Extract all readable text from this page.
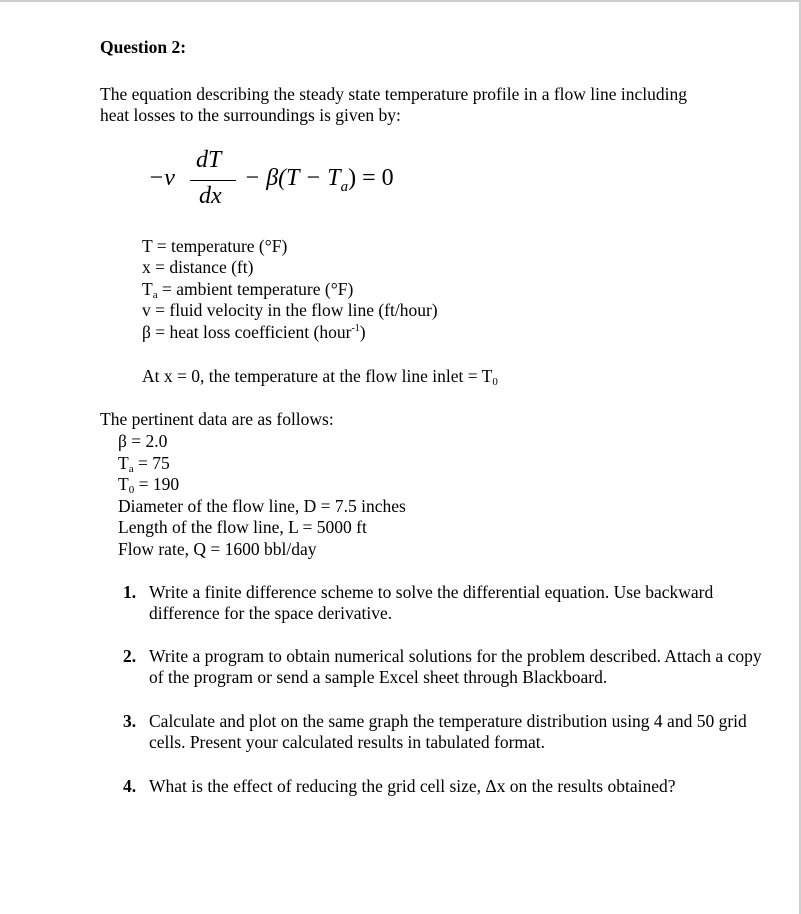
Question 2:
The equation describing the steady state temperature profile in a flow line including
heat losses to the surroundings is given by:
−v
dT
dx
− $\beta(T - T_a) = 0$
T = temperature (°F)
x = distance (ft)
Ta = ambient temperature (°F)
v = fluid velocity in the flow line (ft/hour)
β = heat loss coefficient (hour$^{-1}$)
At x = 0, the temperature at the flow line inlet = T0
The pertinent data are as follows:
β = 2.0
Ta = 75
T0 = 190
Diameter of the flow line, D = 7.5 inches
Length of the flow line, L = 5000 ft
Flow rate, Q = 1600 bbl/day
1. Write a finite difference scheme to solve the differential equation. Use backward difference for the space derivative.
2. Write a program to obtain numerical solutions for the problem described. Attach a copy of the program or send a sample Excel sheet through Blackboard.
3. Calculate and plot on the same graph the temperature distribution using 4 and 50 grid cells. Present your calculated results in tabulated format.
4. What is the effect of reducing the grid cell size, Δx on the results obtained?
